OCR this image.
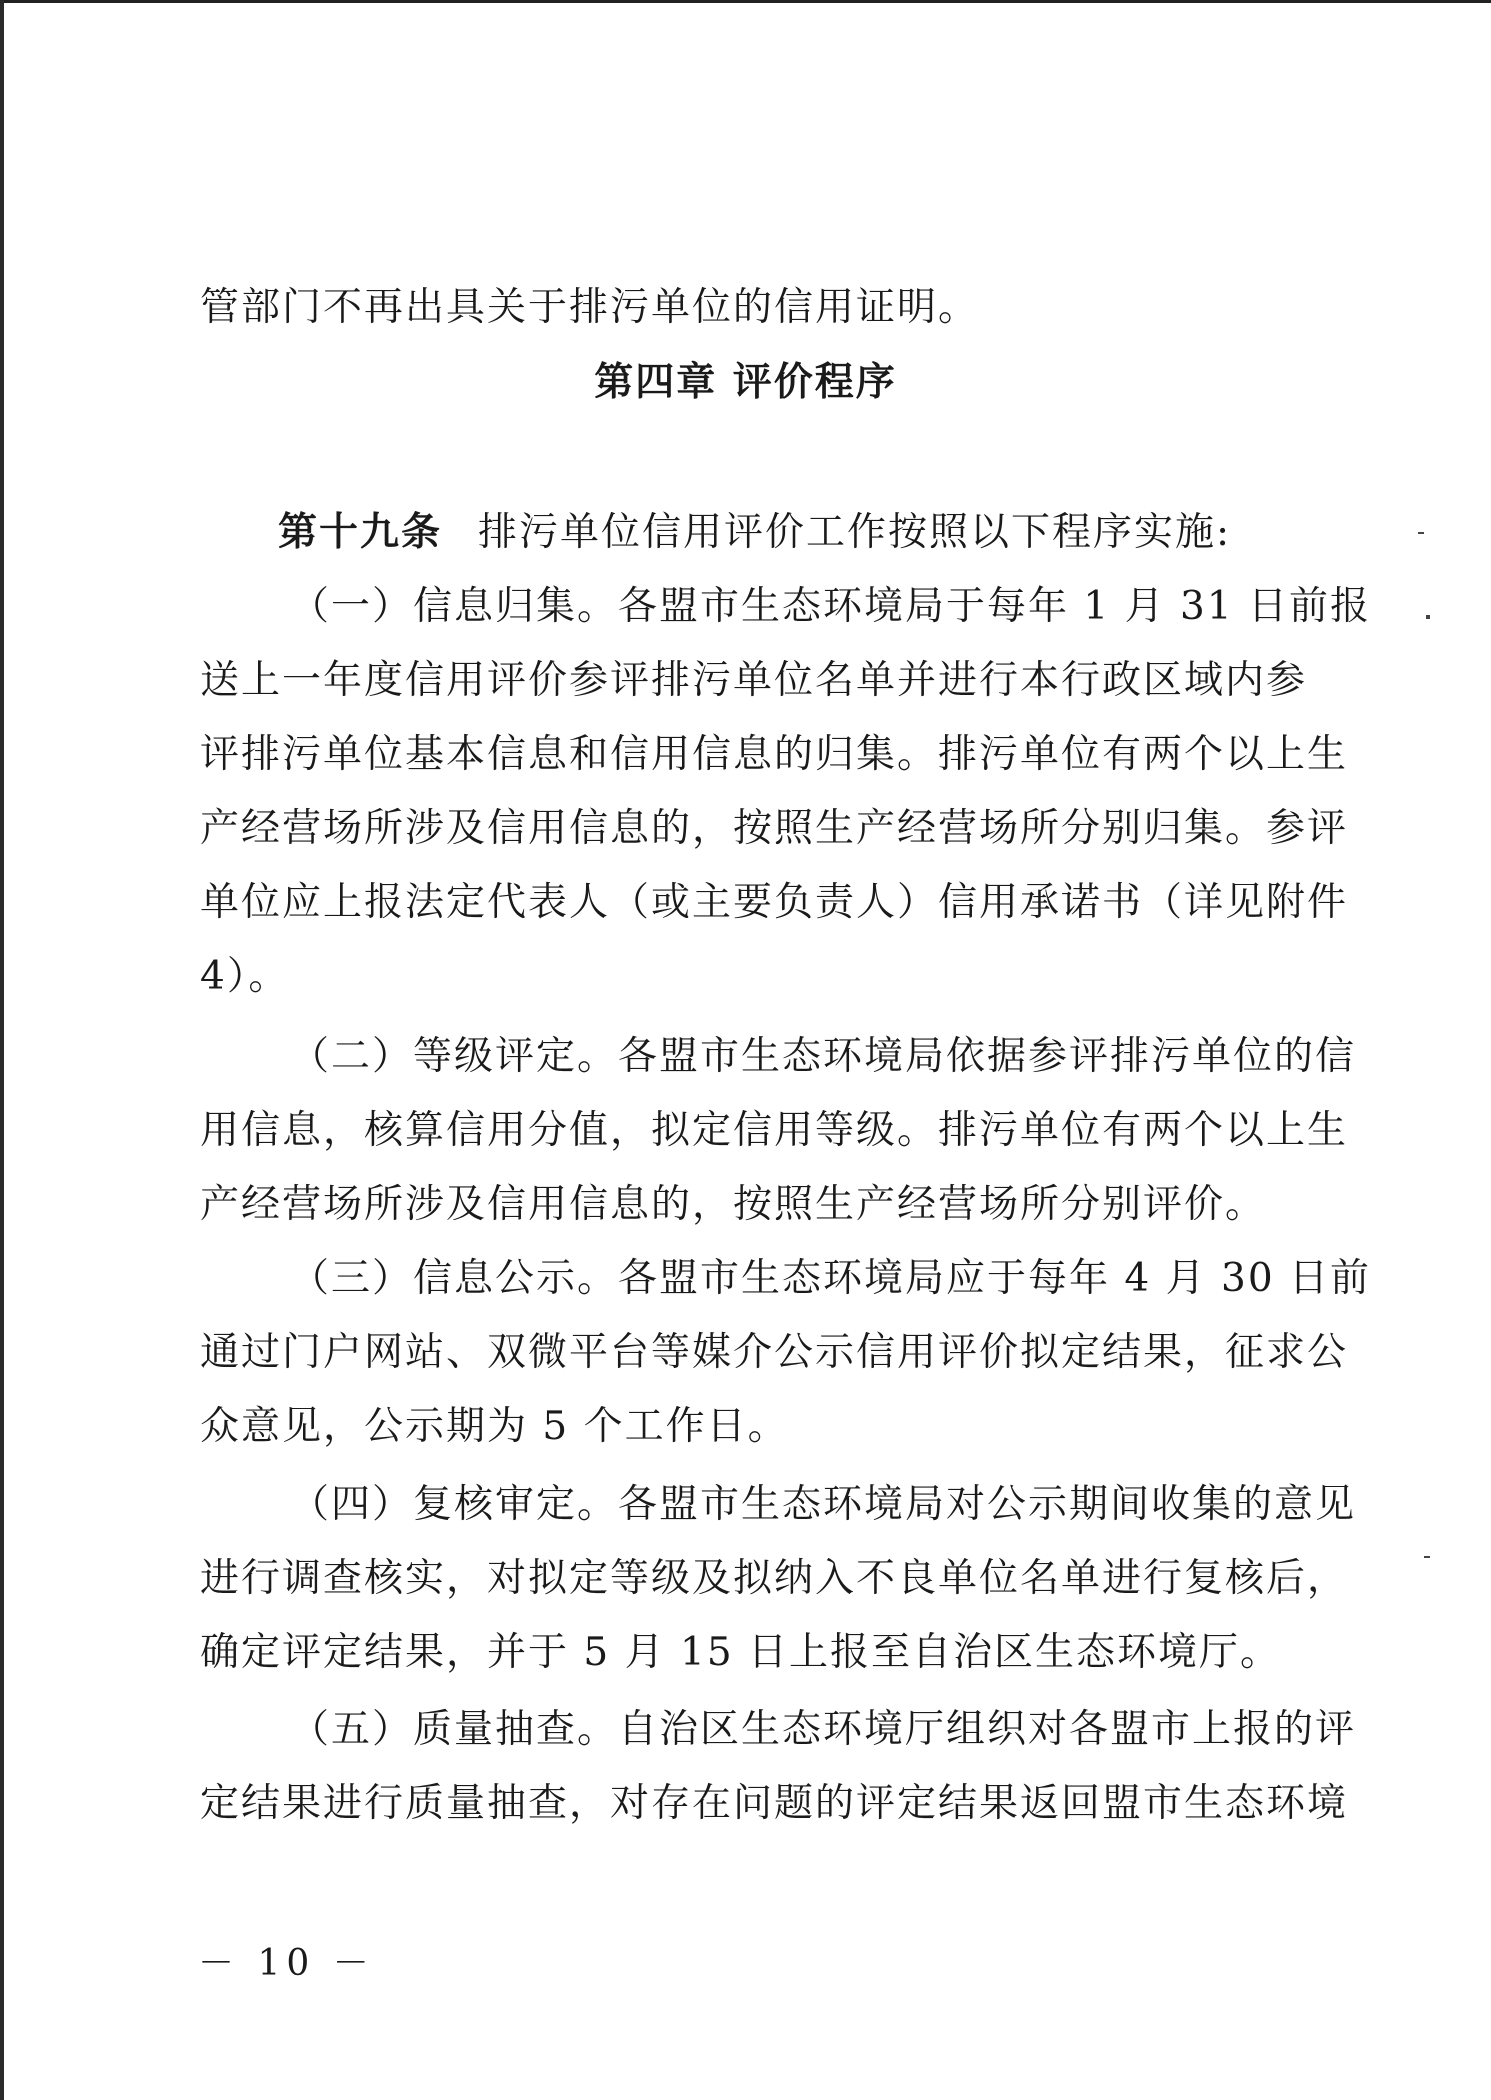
管部门不再出具关于排污单位的信用证明。
第四章 评价程序
第十九条 排污单位信用评价工作按照以下程序实施:
（一）信息归集。各盟市生态环境局于每年 1 月 31 日前报
送上一年度信用评价参评排污单位名单并进行本行政区域内参
评排污单位基本信息和信用信息的归集。排污单位有两个以上生
产经营场所涉及信用信息的，按照生产经营场所分别归集。参评
单位应上报法定代表人（或主要负责人）信用承诺书（详见附件
4）。
（二）等级评定。各盟市生态环境局依据参评排污单位的信
用信息，核算信用分值，拟定信用等级。排污单位有两个以上生
产经营场所涉及信用信息的，按照生产经营场所分别评价。
（三）信息公示。各盟市生态环境局应于每年 4 月 30 日前
通过门户网站、双微平台等媒介公示信用评价拟定结果，征求公
众意见，公示期为 5 个工作日。
（四）复核审定。各盟市生态环境局对公示期间收集的意见
进行调查核实，对拟定等级及拟纳入不良单位名单进行复核后，
确定评定结果，并于 5 月 15 日上报至自治区生态环境厅。
（五）质量抽查。自治区生态环境厅组织对各盟市上报的评
定结果进行质量抽查，对存在问题的评定结果返回盟市生态环境
－ 10 －
